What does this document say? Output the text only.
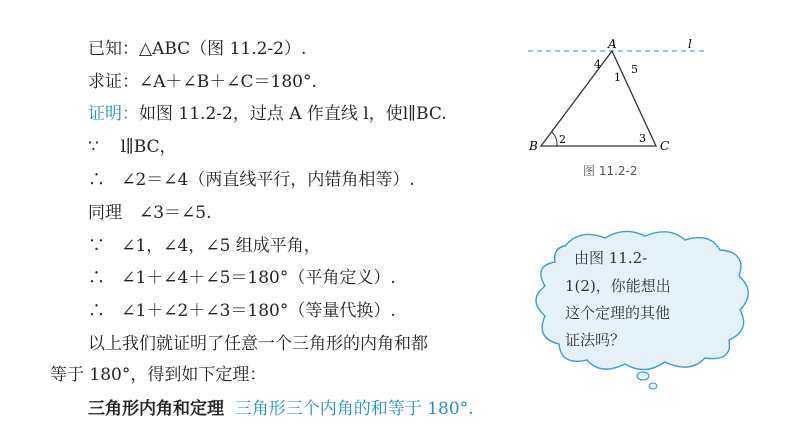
已知：△ABC（图 11.2-2）.
求证：∠A＋∠B＋∠C＝180°.
证明：如图 11.2-2，过点 A 作直线 l，使l∥BC.
∵ l∥BC，
∴ ∠2＝∠4（两直线平行，内错角相等）.
同理　∠3＝∠5.
∵ ∠1，∠4，∠5 组成平角，
∴ ∠1＋∠4＋∠5＝180°（平角定义）.
∴ ∠1＋∠2＋∠3＝180°（等量代换）.
以上我们就证明了任意一个三角形的内角和都
等于 180°，得到如下定理：
三角形内角和定理 三角形三个内角的和等于 180°.
A
B	C
l
1
2	3
4	5
图 11.2-2
由图 11.2-
1(2)，你能想出
这个定理的其他
证法吗？
